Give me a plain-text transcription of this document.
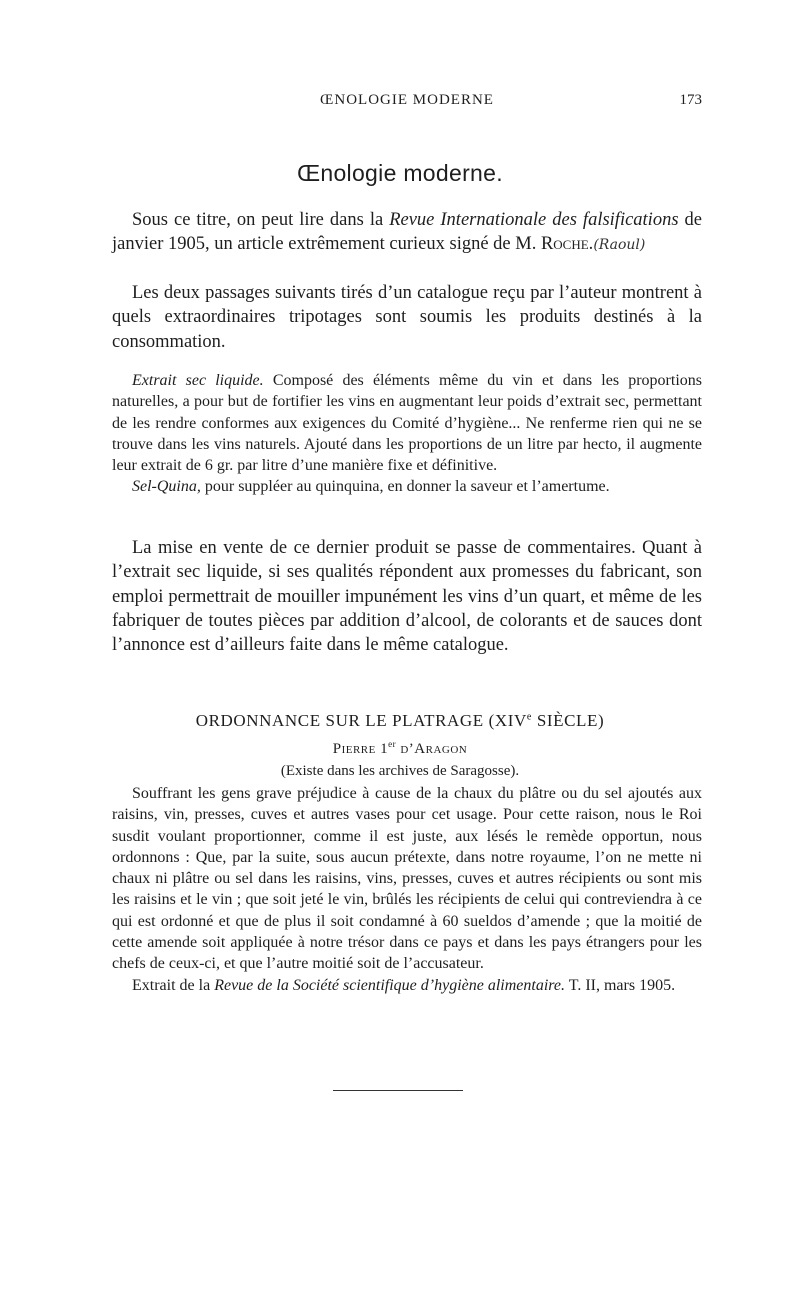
ŒNOLOGIE MODERNE	173
Œnologie moderne.

Sous ce titre, on peut lire dans la Revue Internationale des falsifications de janvier 1905, un article extrêmement curieux signé de M. Roche.(Raoul)

Les deux passages suivants tirés d’un catalogue reçu par l’auteur montrent à quels extraordinaires tripotages sont soumis les produits destinés à la consommation.

Extrait sec liquide. Composé des éléments même du vin et dans les proportions naturelles, a pour but de fortifier les vins en augmentant leur poids d’extrait sec, permettant de les rendre conformes aux exigences du Comité d’hygiène... Ne renferme rien qui ne se trouve dans les vins naturels. Ajouté dans les proportions de un litre par hecto, il augmente leur extrait de 6 gr. par litre d’une manière fixe et définitive.

Sel-Quina, pour suppléer au quinquina, en donner la saveur et l’amertume.

La mise en vente de ce dernier produit se passe de commentaires. Quant à l’extrait sec liquide, si ses qualités répondent aux promesses du fabricant, son emploi permettrait de mouiller impunément les vins d’un quart, et même de les fabriquer de toutes pièces par addition d’alcool, de colorants et de sauces dont l’annonce est d’ailleurs faite dans le même catalogue.

ORDONNANCE SUR LE PLATRAGE (XIVe SIÈCLE)

Pierre 1er d’Aragon

(Existe dans les archives de Saragosse).

Souffrant les gens grave préjudice à cause de la chaux du plâtre ou du sel ajoutés aux raisins, vin, presses, cuves et autres vases pour cet usage. Pour cette raison, nous le Roi susdit voulant proportionner, comme il est juste, aux lésés le remède opportun, nous ordonnons : Que, par la suite, sous aucun prétexte, dans notre royaume, l’on ne mette ni chaux ni plâtre ou sel dans les raisins, vins, presses, cuves et autres récipients ou sont mis les raisins et le vin ; que soit jeté le vin, brûlés les récipients de celui qui contreviendra à ce qui est ordonné et que de plus il soit condamné à 60 sueldos d’amende ; que la moitié de cette amende soit appliquée à notre trésor dans ce pays et dans les pays étrangers pour les chefs de ceux-ci, et que l’autre moitié soit de l’accusateur.

Extrait de la Revue de la Société scientifique d’hygiène alimentaire. T. II, mars 1905.
